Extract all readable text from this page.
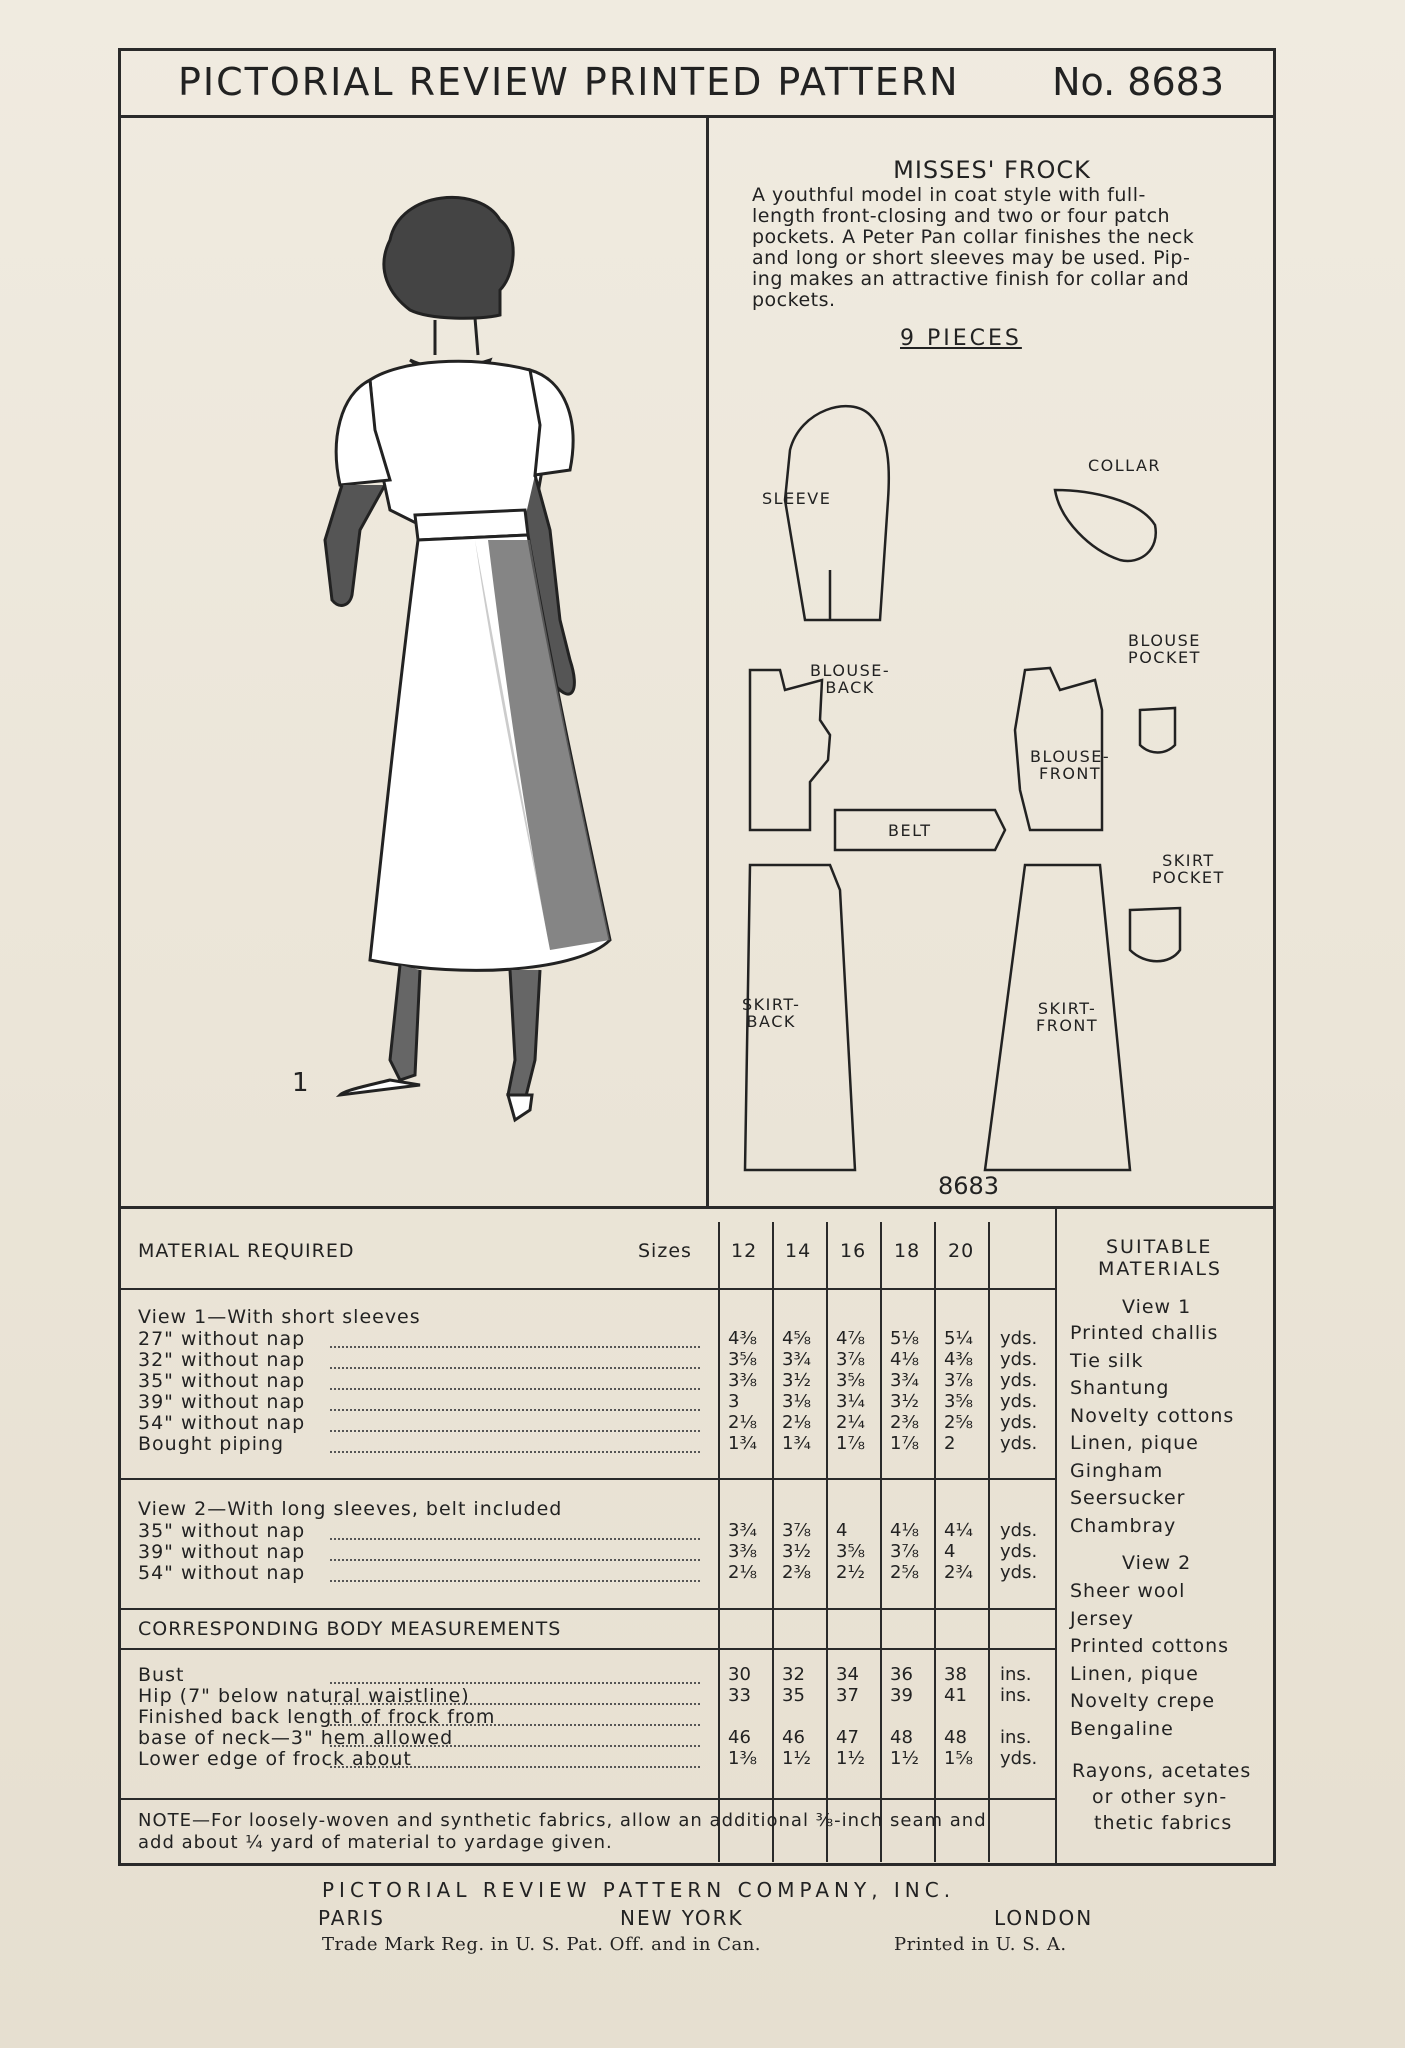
PICTORIAL REVIEW PRINTED PATTERN No. 8683
1
MISSES' FROCK
A youthful model in coat style with full-
length front-closing and two or four patch
pockets. A Peter Pan collar finishes the neck
and long or short sleeves may be used. Pip-
ing makes an attractive finish for collar and
pockets.
9 PIECES
SLEEVE
COLLAR
BLOUSE-
BACK
BLOUSE
POCKET
BLOUSE-
FRONT
BELT
SKIRT
POCKET
SKIRT-
BACK
SKIRT-
FRONT
8683
MATERIAL REQUIRED	Sizes 12 14 16 18 20
View 1—With short sleeves
27" without nap	4⅜	4⅝	4⅞	5⅛	5¼	yds.
32" without nap	3⅝	3¾	3⅞	4⅛	4⅜	yds.
35" without nap	3⅜	3½	3⅝	3¾	3⅞	yds.
39" without nap	3	3⅛	3¼	3½	3⅝	yds.
54" without nap	2⅛	2⅛	2¼	2⅜	2⅝	yds.
Bought piping	1¾	1¾	1⅞	1⅞	2	yds.
View 2—With long sleeves, belt included
35" without nap	3¾	3⅞	4	4⅛	4¼	yds.
39" without nap	3⅜	3½	3⅝	3⅞	4	yds.
54" without nap	2⅛	2⅜	2½	2⅝	2¾	yds.
CORRESPONDING BODY MEASUREMENTS
Bust	30	32	34	36	38	ins.
Hip (7" below natural waistline)	33	35	37	39	41	ins.
Finished back length of frock from
base of neck—3" hem allowed	46	46	47	48	48	ins.
Lower edge of frock about	1⅜	1½	1½	1½	1⅝	yds.
NOTE—For loosely-woven and synthetic fabrics, allow an additional ⅜-inch seam and
add about ¼ yard of material to yardage given.
SUITABLE
MATERIALS
View 1
Printed challis
Tie silk
Shantung
Novelty cottons
Linen, pique
Gingham
Seersucker
Chambray
View 2
Sheer wool
Jersey
Printed cottons
Linen, pique
Novelty crepe
Bengaline
Rayons, acetates
or other syn-
thetic fabrics
PICTORIAL REVIEW PATTERN COMPANY, INC.
PARIS	NEW YORK	LONDON
Trade Mark Reg. in U. S. Pat. Off. and in Can.	Printed in U. S. A.
